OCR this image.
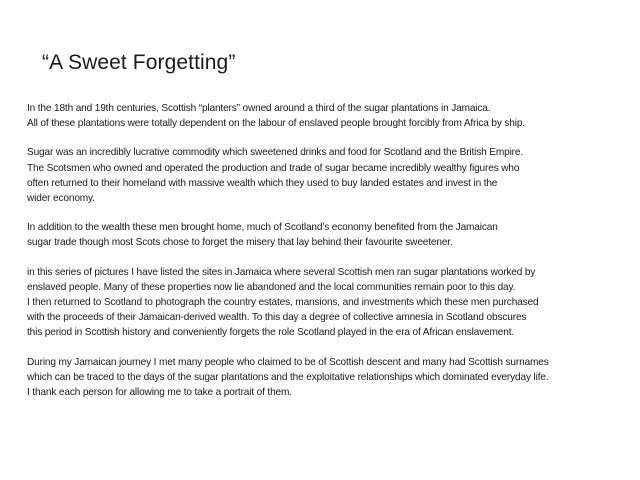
“A Sweet Forgetting”

In the 18th and 19th centuries, Scottish “planters” owned around a third of the sugar plantations in Jamaica.
All of these plantations were totally dependent on the labour of enslaved people brought forcibly from Africa by ship.

Sugar was an incredibly lucrative commodity which sweetened drinks and food for Scotland and the British Empire.
The Scotsmen who owned and operated the production and trade of sugar became incredibly wealthy figures who
often returned to their homeland with massive wealth which they used to buy landed estates and invest in the
wider economy.

In addition to the wealth these men brought home, much of Scotland’s economy benefited from the Jamaican
sugar trade though most Scots chose to forget the misery that lay behind their favourite sweetener.

in this series of pictures I have listed the sites in Jamaica where several Scottish men ran sugar plantations worked by
enslaved people. Many of these properties now lie abandoned and the local communities remain poor to this day.
I then returned to Scotland to photograph the country estates, mansions, and investments which these men purchased
with the proceeds of their Jamaican-derived wealth. To this day a degree of collective amnesia in Scotland obscures
this period in Scottish history and conveniently forgets the role Scotland played in the era of African enslavement.

During my Jamaican journey I met many people who claimed to be of Scottish descent and many had Scottish surnames
which can be traced to the days of the sugar plantations and the exploitative relationships which dominated everyday life.
I thank each person for allowing me to take a portrait of them.
